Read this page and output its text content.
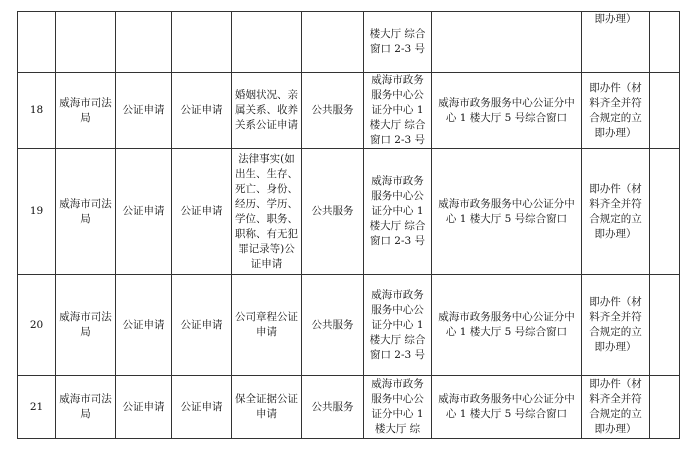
						楼大厅 综合窗口 2-3 号		即办理）	
18	威海市司法局	公证申请	公证申请	婚姻状况、亲属关系、收养关系公证申请	公共服务	威海市政务服务中心公证分中心 1 楼大厅 综合窗口 2-3 号	威海市政务服务中心公证分中心 1 楼大厅 5 号综合窗口	即办件（材料齐全并符合规定的立即办理）	
19	威海市司法局	公证申请	公证申请	法律事实(如出生、生存、死亡、身份、经历、学历、学位、职务、职称、有无犯罪记录等)公证申请	公共服务	威海市政务服务中心公证分中心 1 楼大厅 综合窗口 2-3 号	威海市政务服务中心公证分中心 1 楼大厅 5 号综合窗口	即办件（材料齐全并符合规定的立即办理）	
20	威海市司法局	公证申请	公证申请	公司章程公证申请	公共服务	威海市政务服务中心公证分中心 1 楼大厅 综合窗口 2-3 号	威海市政务服务中心公证分中心 1 楼大厅 5 号综合窗口	即办件（材料齐全并符合规定的立即办理）	
21	威海市司法局	公证申请	公证申请	保全证据公证申请	公共服务	威海市政务服务中心公证分中心 1 楼大厅 综	威海市政务服务中心公证分中心 1 楼大厅 5 号综合窗口	即办件（材料齐全并符合规定的立即办理）	
